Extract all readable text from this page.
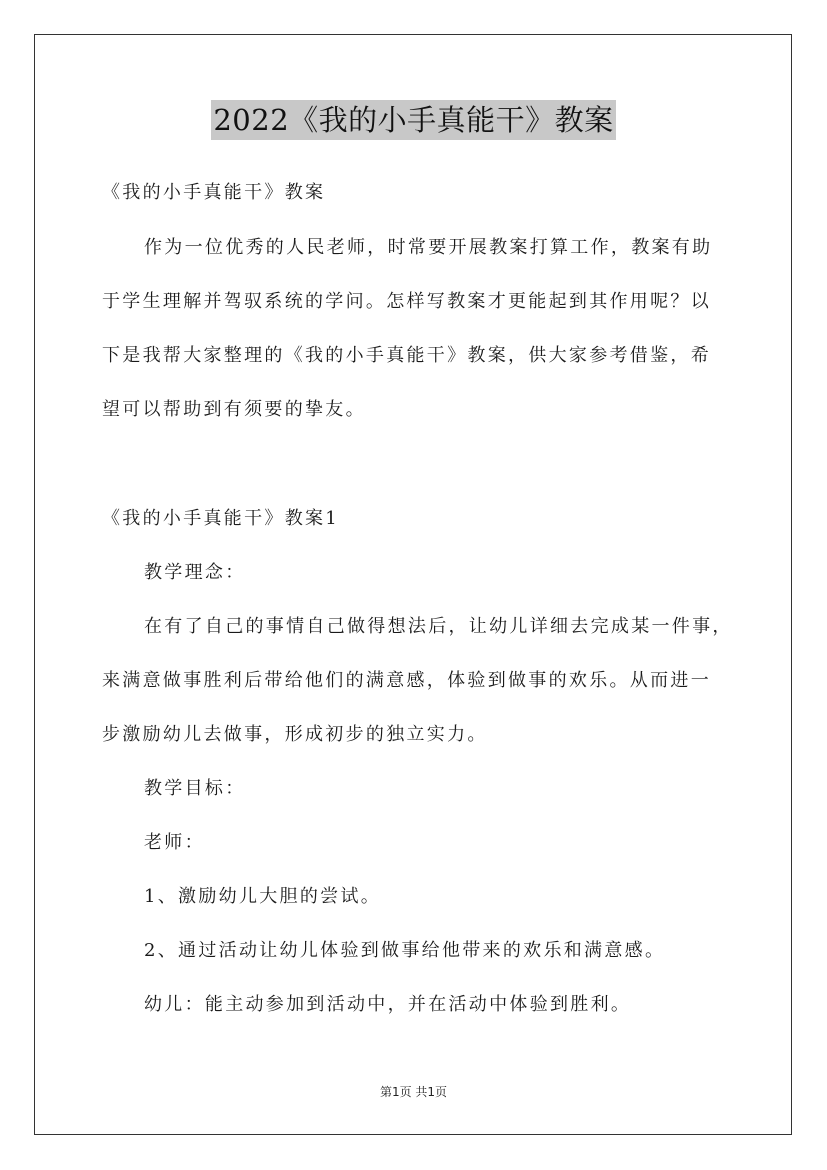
2022《我的小手真能干》教案
《我的小手真能干》教案
作为一位优秀的人民老师，时常要开展教案打算工作，教案有助
于学生理解并驾驭系统的学问。怎样写教案才更能起到其作用呢？以
下是我帮大家整理的《我的小手真能干》教案，供大家参考借鉴，希
望可以帮助到有须要的挚友。
《我的小手真能干》教案1
教学理念：
在有了自己的事情自己做得想法后，让幼儿详细去完成某一件事，
来满意做事胜利后带给他们的满意感，体验到做事的欢乐。从而进一
步激励幼儿去做事，形成初步的独立实力。
教学目标：
老师：
1、激励幼儿大胆的尝试。
2、通过活动让幼儿体验到做事给他带来的欢乐和满意感。
幼儿：能主动参加到活动中，并在活动中体验到胜利。
第1页 共1页
